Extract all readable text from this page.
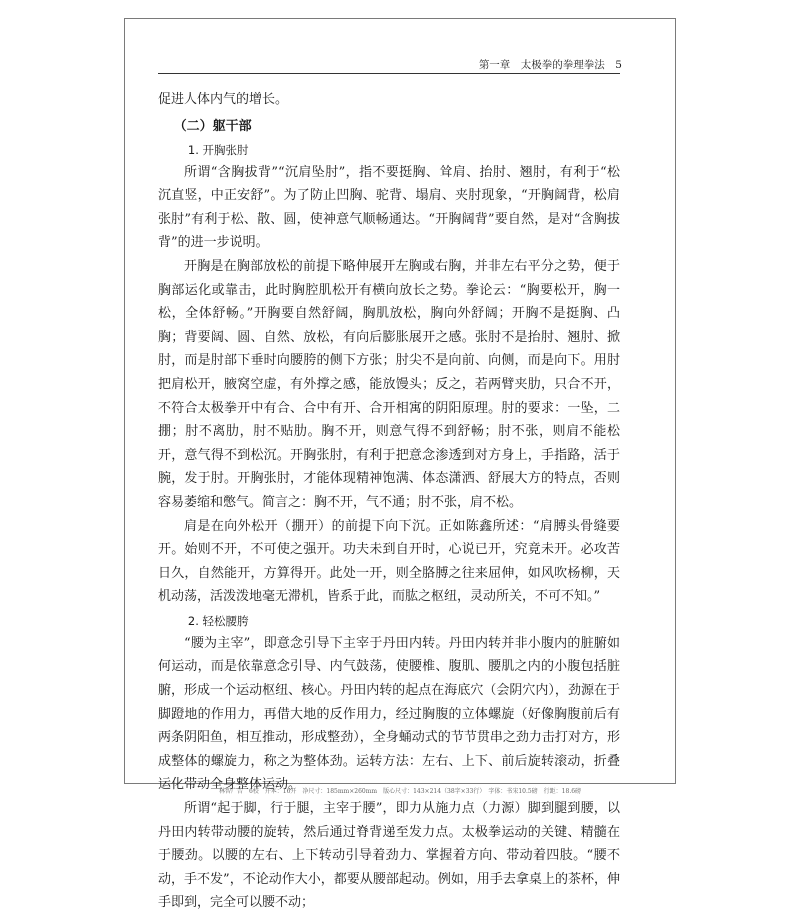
第一章　太极拳的拳理拳法　5

促进人体内气的增长。

（二）躯干部
1. 开胸张肘

所谓“含胸拔背”“沉肩坠肘”，指不要挺胸、耸肩、抬肘、翘肘，有利于“松沉直竖，中正安舒”。为了防止凹胸、驼背、塌肩、夹肘现象，“开胸阔背，松肩张肘”有利于松、散、圆，使神意气顺畅通达。“开胸阔背”要自然，是对“含胸拔背”的进一步说明。

开胸是在胸部放松的前提下略伸展开左胸或右胸，并非左右平分之势，便于胸部运化或靠击，此时胸腔肌松开有横向放长之势。拳论云：“胸要松开，胸一松，全体舒畅。”开胸要自然舒阔，胸肌放松，胸向外舒阔；开胸不是挺胸、凸胸；背要阔、圆、自然、放松，有向后膨胀展开之感。张肘不是抬肘、翘肘、掀肘，而是肘部下垂时向腰胯的侧下方张；肘尖不是向前、向侧，而是向下。用肘把肩松开，腋窝空虚，有外撑之感，能放馒头；反之，若两臂夹肋，只合不开，不符合太极拳开中有合、合中有开、合开相寓的阴阳原理。肘的要求：一坠，二掤；肘不离肋，肘不贴肋。胸不开，则意气得不到舒畅；肘不张，则肩不能松开，意气得不到松沉。开胸张肘，有利于把意念渗透到对方身上，手指路，活于腕，发于肘。开胸张肘，才能体现精神饱满、体态潇洒、舒展大方的特点，否则容易萎缩和憋气。简言之：胸不开，气不通；肘不张，肩不松。

肩是在向外松开（掤开）的前提下向下沉。正如陈鑫所述：“肩膊头骨缝要开。始则不开，不可使之强开。功夫未到自开时，心说已开，究竟未开。必攻苦日久，自然能开，方算得开。此处一开，则全胳膊之往来屈伸，如风吹杨柳，天机动荡，活泼泼地毫无滞机，皆系于此，而肱之枢纽，灵动所关，不可不知。”

2. 轻松腰胯

“腰为主宰”，即意念引导下主宰于丹田内转。丹田内转并非小腹内的脏腑如何运动，而是依靠意念引导、内气鼓荡，使腰椎、腹肌、腰肌之内的小腹包括脏腑，形成一个运动枢纽、核心。丹田内转的起点在海底穴（会阴穴内），劲源在于脚蹬地的作用力，再借大地的反作用力，经过胸腹的立体螺旋（好像胸腹前后有两条阴阳鱼，相互推动，形成整劲），全身蛹动式的节节贯串之劲力击打对方，形成整体的螺旋力，称之为整体劲。运转方法：左右、上下、前后旋转滚动，折叠运化带动全身整体运动。

所谓“起于脚，行于腿，主宰于腰”，即力从施力点（力源）脚到腿到腰，以丹田内转带动腰的旋转，然后通过脊背递至发力点。太极拳运动的关键、精髓在于腰劲。以腰的左右、上下转动引导着劲力、掌握着方向、带动着四肢。“腰不动，手不发”，不论动作大小，都要从腰部起动。例如，用手去拿桌上的茶杯，伸手即到，完全可以腰不动；

林智广告　6校　开本：16开　净尺寸：185mm×260mm　版心尺寸：143×214（38字×33行）　字体：书宋10.5磅　行距：18.6磅
